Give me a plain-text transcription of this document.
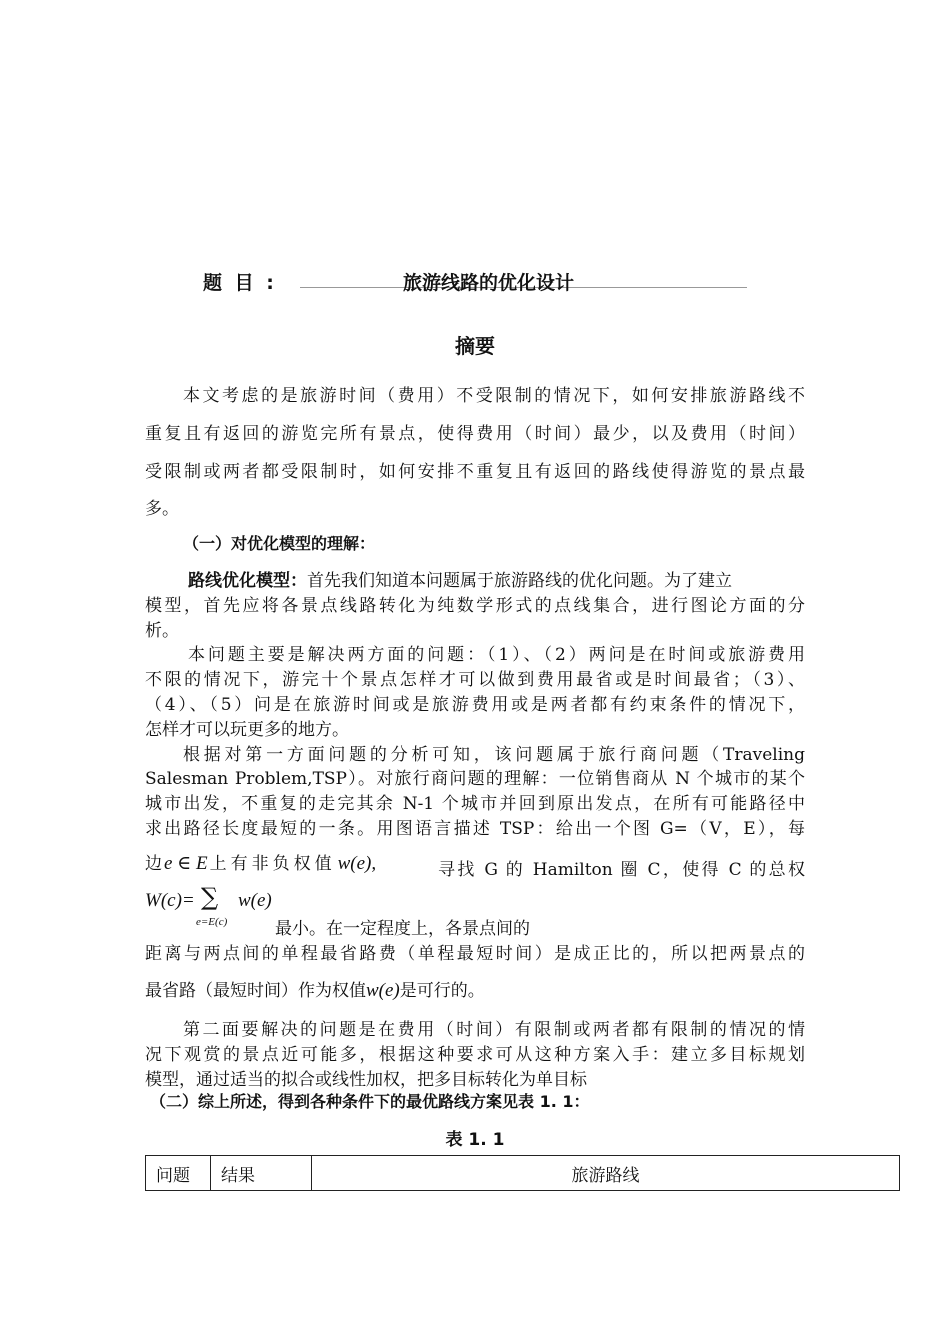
题 目 :	旅游线路的优化设计
摘要
本文考虑的是旅游时间（费用）不受限制的情况下，如何安排旅游路线不
重复且有返回的游览完所有景点，使得费用（时间）最少，以及费用（时间）
受限制或两者都受限制时，如何安排不重复且有返回的路线使得游览的景点最
多。
（一）对优化模型的理解：
路线优化模型：首先我们知道本问题属于旅游路线的优化问题。为了建立
模型，首先应将各景点线路转化为纯数学形式的点线集合，进行图论方面的分
析。
本问题主要是解决两方面的问题：（1）、（2）两问是在时间或旅游费用
不限的情况下，游完十个景点怎样才可以做到费用最省或是时间最省；（3）、
（4）、（5）问是在旅游时间或是旅游费用或是两者都有约束条件的情况下，
怎样才可以玩更多的地方。
根据对第一方面问题的分析可知，该问题属于旅行商问题（Traveling
Salesman Problem,TSP）。对旅行商问题的理解：一位销售商从 N 个城市的某个
城市出发，不重复的走完其余 N-1 个城市并回到原出发点，在所有可能路径中
求出路径长度最短的一条。用图语言描述 TSP：给出一个图 G=（V，E），每
边 e ∈ E 上有非负权值 w(e),	寻找 G 的 Hamilton 圈 C，使得 C 的总权
W(c)= ∑
e=E(c)
w(e)
最小。在一定程度上，各景点间的
距离与两点间的单程最省路费（单程最短时间）是成正比的，所以把两景点的
最省路（最短时间）作为权值w(e)是可行的。
第二面要解决的问题是在费用（时间）有限制或两者都有限制的情况的情
况下观赏的景点近可能多，根据这种要求可从这种方案入手：建立多目标规划
模型，通过适当的拟合或线性加权，把多目标转化为单目标
（二）综上所述，得到各种条件下的最优路线方案见表 1. 1：
表 1. 1
问题	结果	旅游路线
